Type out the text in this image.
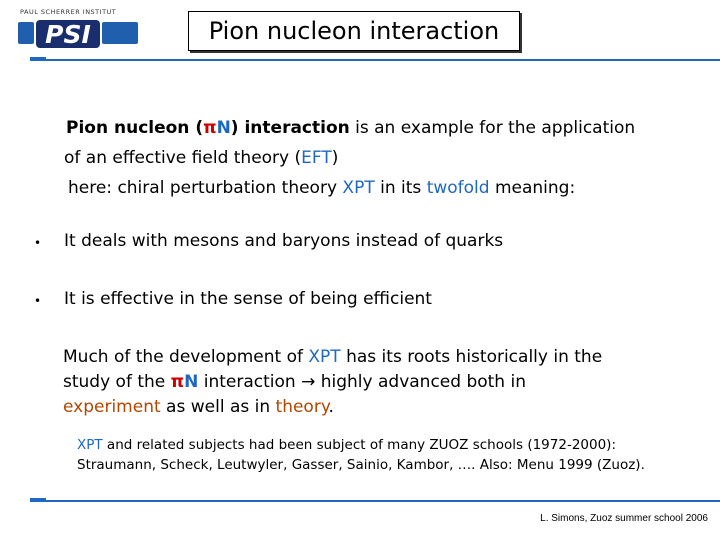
PAUL SCHERRER INSTITUT
PSI	Pion nucleon interaction
Pion nucleon (πN) interaction is an example for the application
of an effective field theory (EFT)
here: chiral perturbation theory XPT in its twofold meaning:
• It deals with mesons and baryons instead of quarks
• It is effective in the sense of being efficient
Much of the development of XPT has its roots historically in the
study of the πN interaction → highly advanced both in
experiment as well as in theory.
XPT and related subjects had been subject of many ZUOZ schools (1972-2000):
Straumann, Scheck, Leutwyler, Gasser, Sainio, Kambor, …. Also: Menu 1999 (Zuoz).
L. Simons, Zuoz summer school 2006
